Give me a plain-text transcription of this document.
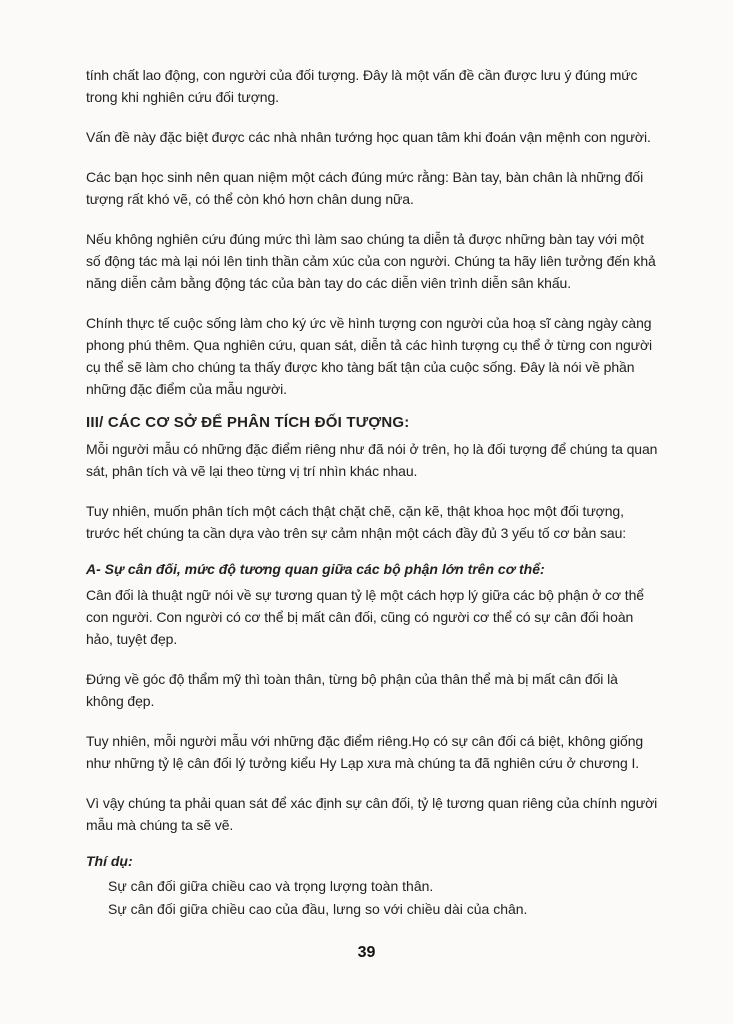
tính chất lao động, con người của đối tượng. Đây là một vấn đề cần được lưu ý đúng mức trong khi nghiên cứu đối tượng.

Vấn đề này đặc biệt được các nhà nhân tướng học quan tâm khi đoán vận mệnh con người.

Các bạn học sinh nên quan niệm một cách đúng mức rằng: Bàn tay, bàn chân là những đối tượng rất khó vẽ, có thể còn khó hơn chân dung nữa.

Nếu không nghiên cứu đúng mức thì làm sao chúng ta diễn tả được những bàn tay với một số động tác mà lại nói lên tinh thần cảm xúc của con người. Chúng ta hãy liên tưởng đến khả năng diễn cảm bằng động tác của bàn tay do các diễn viên trình diễn sân khấu.

Chính thực tế cuộc sống làm cho ký ức về hình tượng con người của hoạ sĩ càng ngày càng phong phú thêm. Qua nghiên cứu, quan sát, diễn tả các hình tượng cụ thể ở từng con người cụ thể sẽ làm cho chúng ta thấy được kho tàng bất tận của cuộc sống. Đây là nói về phần những đặc điểm của mẫu người.

III/ CÁC CƠ SỞ ĐỂ PHÂN TÍCH ĐỐI TƯỢNG:

Mỗi người mẫu có những đặc điểm riêng như đã nói ở trên, họ là đối tượng để chúng ta quan sát, phân tích và vẽ lại theo từng vị trí nhìn khác nhau.

Tuy nhiên, muốn phân tích một cách thật chặt chẽ, cặn kẽ, thật khoa học một đối tượng, trước hết chúng ta cần dựa vào trên sự cảm nhận một cách đầy đủ 3 yếu tố cơ bản sau:

A- Sự cân đối, mức độ tương quan giữa các bộ phận lớn trên cơ thể:

Cân đối là thuật ngữ nói về sự tương quan tỷ lệ một cách hợp lý giữa các bộ phận ở cơ thể con người. Con người có cơ thể bị mất cân đối, cũng có người cơ thể có sự cân đối hoàn hảo, tuyệt đẹp.

Đứng về góc độ thẩm mỹ thì toàn thân, từng bộ phận của thân thể mà bị mất cân đối là không đẹp.

Tuy nhiên, mỗi người mẫu với những đặc điểm riêng.Họ có sự cân đối cá biệt, không giống như những tỷ lệ cân đối lý tưởng kiểu Hy Lạp xưa mà chúng ta đã nghiên cứu ở chương I.

Vì vậy chúng ta phải quan sát để xác định sự cân đối, tỷ lệ tương quan riêng của chính người mẫu mà chúng ta sẽ vẽ.

Thí dụ:
Sự cân đối giữa chiều cao và trọng lượng toàn thân.
Sự cân đối giữa chiều cao của đầu, lưng so với chiều dài của chân.
39
